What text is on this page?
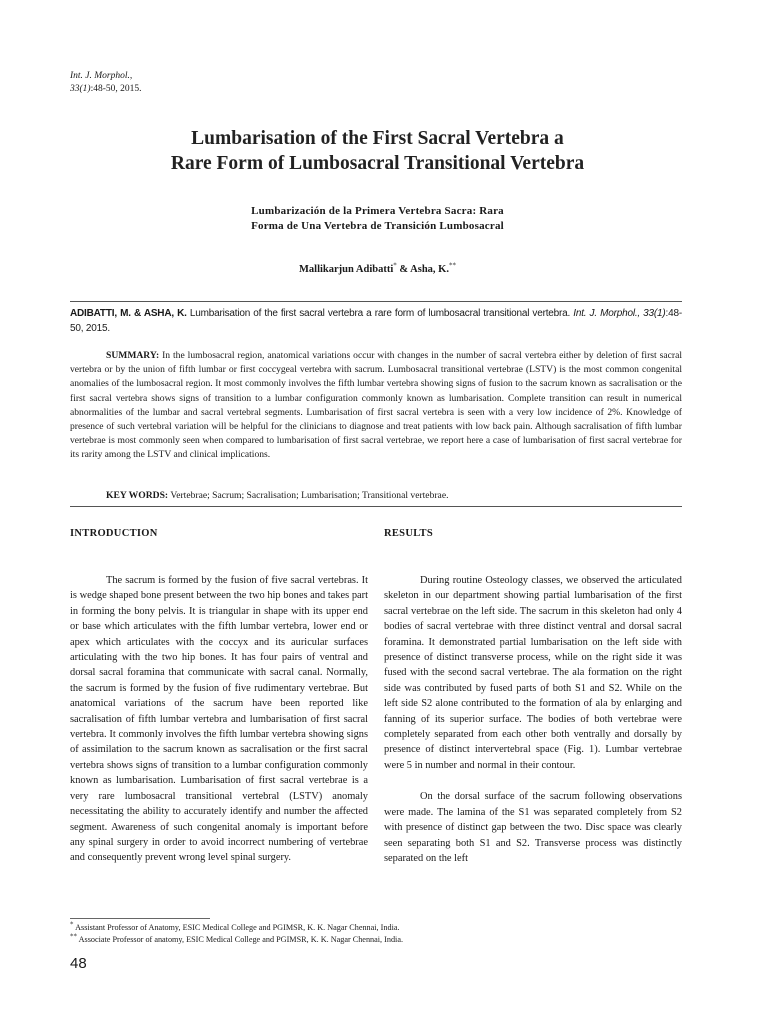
Int. J. Morphol.,
33(1):48-50, 2015.
Lumbarisation of the First Sacral Vertebra a
Rare Form of Lumbosacral Transitional Vertebra
Lumbarización de la Primera Vertebra Sacra: Rara
Forma de Una Vertebra de Transición Lumbosacral
Mallikarjun Adibatti* & Asha, K.**
ADIBATTI, M. & ASHA, K. Lumbarisation of the first sacral vertebra a rare form of lumbosacral transitional vertebra. Int. J. Morphol., 33(1):48-50, 2015.
SUMMARY: In the lumbosacral region, anatomical variations occur with changes in the number of sacral vertebra either by deletion of first sacral vertebra or by the union of fifth lumbar or first coccygeal vertebra with sacrum. Lumbosacral transitional vertebrae (LSTV) is the most common congenital anomalies of the lumbosacral region. It most commonly involves the fifth lumbar vertebra showing signs of fusion to the sacrum known as sacralisation or the first sacral vertebra shows signs of transition to a lumbar configuration commonly known as lumbarisation. Complete transition can result in numerical abnormalities of the lumbar and sacral vertebral segments. Lumbarisation of first sacral vertebra is seen with a very low incidence of 2%. Knowledge of presence of such vertebral variation will be helpful for the clinicians to diagnose and treat patients with low back pain. Although sacralisation of fifth lumbar vertebrae is most commonly seen when compared to lumbarisation of first sacral vertebrae, we report here a case of lumbarisation of first sacral vertebrae for its rarity among the LSTV and clinical implications.
KEY WORDS: Vertebrae; Sacrum; Sacralisation; Lumbarisation; Transitional vertebrae.
INTRODUCTION	RESULTS

The sacrum is formed by the fusion of five sacral vertebras. It is wedge shaped bone present between the two hip bones and takes part in forming the bony pelvis. It is triangular in shape with its upper end or base which articulates with the fifth lumbar vertebra, lower end or apex which articulates with the coccyx and its auricular surfaces articulating with the two hip bones. It has four pairs of ventral and dorsal sacral foramina that communicate with sacral canal. Normally, the sacrum is formed by the fusion of five rudimentary vertebrae. But anatomical variations of the sacrum have been reported like sacralisation of fifth lumbar vertebra and lumbarisation of first sacral vertebra. It commonly involves the fifth lumbar vertebra showing signs of assimilation to the sacrum known as sacralisation or the first sacral vertebra shows signs of transition to a lumbar configuration commonly known as lumbarisation. Lumbarisation of first sacral vertebrae is a very rare lumbosacral transitional vertebral (LSTV) anomaly necessitating the ability to accurately identify and number the affected segment. Awareness of such congenital anomaly is important before any spinal surgery in order to avoid incorrect numbering of vertebrae and consequently prevent wrong level spinal surgery.

During routine Osteology classes, we observed the articulated skeleton in our department showing partial lumbarisation of the first sacral vertebrae on the left side. The sacrum in this skeleton had only 4 bodies of sacral vertebrae with three distinct ventral and dorsal sacral foramina. It demonstrated partial lumbarisation on the left side with presence of distinct transverse process, while on the right side it was fused with the second sacral vertebrae. The ala formation on the right side was contributed by fused parts of both S1 and S2. While on the left side S2 alone contributed to the formation of ala by enlarging and fanning of its superior surface. The bodies of both vertebrae were completely separated from each other both ventrally and dorsally by presence of distinct intervertebral space (Fig. 1). Lumbar vertebrae were 5 in number and normal in their contour.

On the dorsal surface of the sacrum following observations were made. The lamina of the S1 was separated completely from S2 with presence of distinct gap between the two. Disc space was clearly seen separating both S1 and S2. Transverse process was distinctly separated on the left

* Assistant Professor of Anatomy, ESIC Medical College and PGIMSR, K. K. Nagar Chennai, India.
** Associate Professor of anatomy, ESIC Medical College and PGIMSR, K. K. Nagar Chennai, India.
48
